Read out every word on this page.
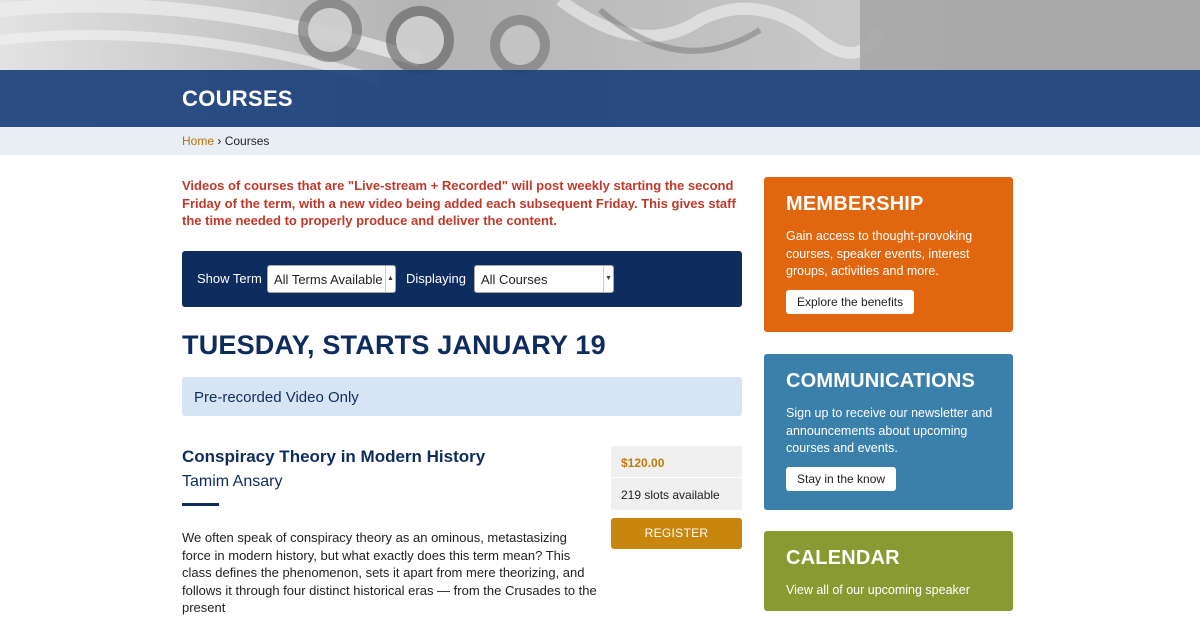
COURSES
Home › Courses
Videos of courses that are "Live-stream + Recorded" will post weekly starting the second Friday of the term, with a new video being added each subsequent Friday. This gives staff the time needed to properly produce and deliver the content.
Show Term All Terms Available ▲ Displaying	All Courses	▼
TUESDAY, STARTS JANUARY 19
Pre-recorded Video Only
Conspiracy Theory in Modern History
Tamim Ansary
We often speak of conspiracy theory as an ominous, metastasizing force in modern history, but what exactly does this term mean? This class defines the phenomenon, sets it apart from mere theorizing, and follows it through four distinct historical eras — from the Crusades to the present
$120.00
219 slots available
REGISTER
MEMBERSHIP
Gain access to thought-provoking courses, speaker events, interest groups, activities and more.
Explore the benefits
COMMUNICATIONS
Sign up to receive our newsletter and announcements about upcoming courses and events.
Stay in the know
CALENDAR
View all of our upcoming speaker
